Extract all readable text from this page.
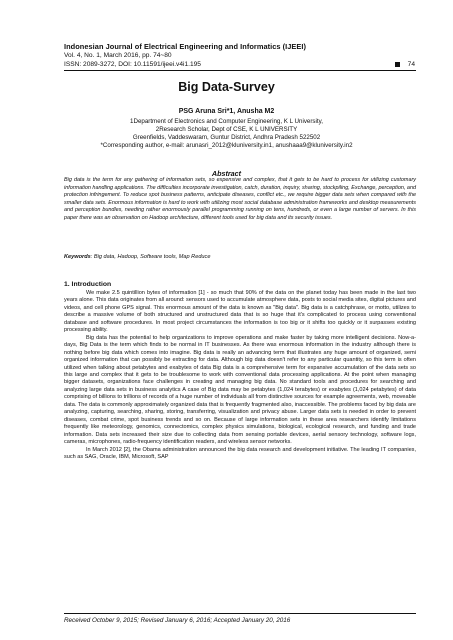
Indonesian Journal of Electrical Engineering and Informatics (IJEEI)
Vol. 4, No. 1, March 2016, pp. 74~80
ISSN: 2089-3272, DOI: 10.11591/ijeei.v4i1.195	74
Big Data-Survey
PSG Aruna Sri*1, Anusha M2
1Department of Electronics and Computer Engineering, K L University,
2Research Scholar, Dept of CSE, K L UNIVERSITY
Greenfields, Vaddeswaram, Guntur District, Andhra Pradesh 522502
*Corresponding author, e-mail: arunasri_2012@kluniversity.in1, anushaaa9@kluniversity.in2
Abstract
Big data is the term for any gathering of information sets, so expensive and complex, that it gets to be hard to process for utilizing customary information handling applications. The difficulties incorporate investigation, catch, duration, inquiry, sharing, stockpiling, Exchange, perception, and protection infringement. To reduce spot business patterns, anticipate diseases, conflict etc., we require bigger data sets when compared with the smaller data sets. Enormous information is hard to work with utilizing most social database administration frameworks and desktop measurements and perception bundles, needing rather enormously parallel programming running on tens, hundreds, or even a large number of servers. In this paper there was an observation on Hadoop architecture, different tools used for big data and its security issues.
Keywords: Big data, Hadoop, Software tools, Map Reduce
1. Introduction

We make 2.5 quintillion bytes of information [1] - so much that 90% of the data on the planet today has been made in the last two years alone. This data originates from all around: sensors used to accumulate atmosphere data, posts to social media sites, digital pictures and videos, and cell phone GPS signal. This enormous amount of the data is known as "Big data". Big data is a catchphrase, or motto, utilizes to describe a massive volume of both structured and unstructured data that is so huge that it's complicated to process using conventional database and software procedures. In most project circumstances the information is too big or it shifts too quickly or it surpasses existing processing ability.

Big data has the potential to help organizations to improve operations and make faster by taking more intelligent decisions. Now-a-days, Big Data is the term which finds to be normal in IT businesses. As there was enormous information in the industry although there is nothing before big data which comes into imagine. Big data is really an advancing term that illustrates any huge amount of organized, semi organized information that can possibly be extracting for data. Although big data doesn't refer to any particular quantity, so this term is often utilized when talking about petabytes and exabytes of data Big data is a comprehensive term for expansive accumulation of the data sets so this large and complex that it gets to be troublesome to work with conventional data processing applications. At the point when managing bigger datasets, organizations face challenges in creating and managing big data. No standard tools and procedures for searching and analyzing large data sets in business analytics A case of Big data may be petabytes (1,024 terabytes) or exabytes (1,024 petabytes) of data comprising of billions to trillions of records of a huge number of individuals all from distinctive sources for example agreements, web, moveable data. The data is commonly approximately organized data that is frequently fragmented also, inaccessible. The problems faced by big data are analyzing, capturing, searching, sharing, storing, transferring, visualization and privacy abuse. Larger data sets is needed in order to prevent diseases, combat crime, spot business trends and so on. Because of large information sets in these area researchers identify limitations frequently like meteorology, genomics, connectomics, complex physics simulations, biological, ecological research, and funding and trade information. Data sets increased their size due to collecting data from sensing portable devices, aerial sensory technology, software logs, cameras, microphones, radio-frequency identification readers, and wireless sensor networks.

In March 2012 [2], the Obama administration announced the big data research and development initiative. The leading IT companies, such as SAG, Oracle, IBM, Microsoft, SAP

Received October 9, 2015; Revised January 6, 2016; Accepted January 20, 2016
